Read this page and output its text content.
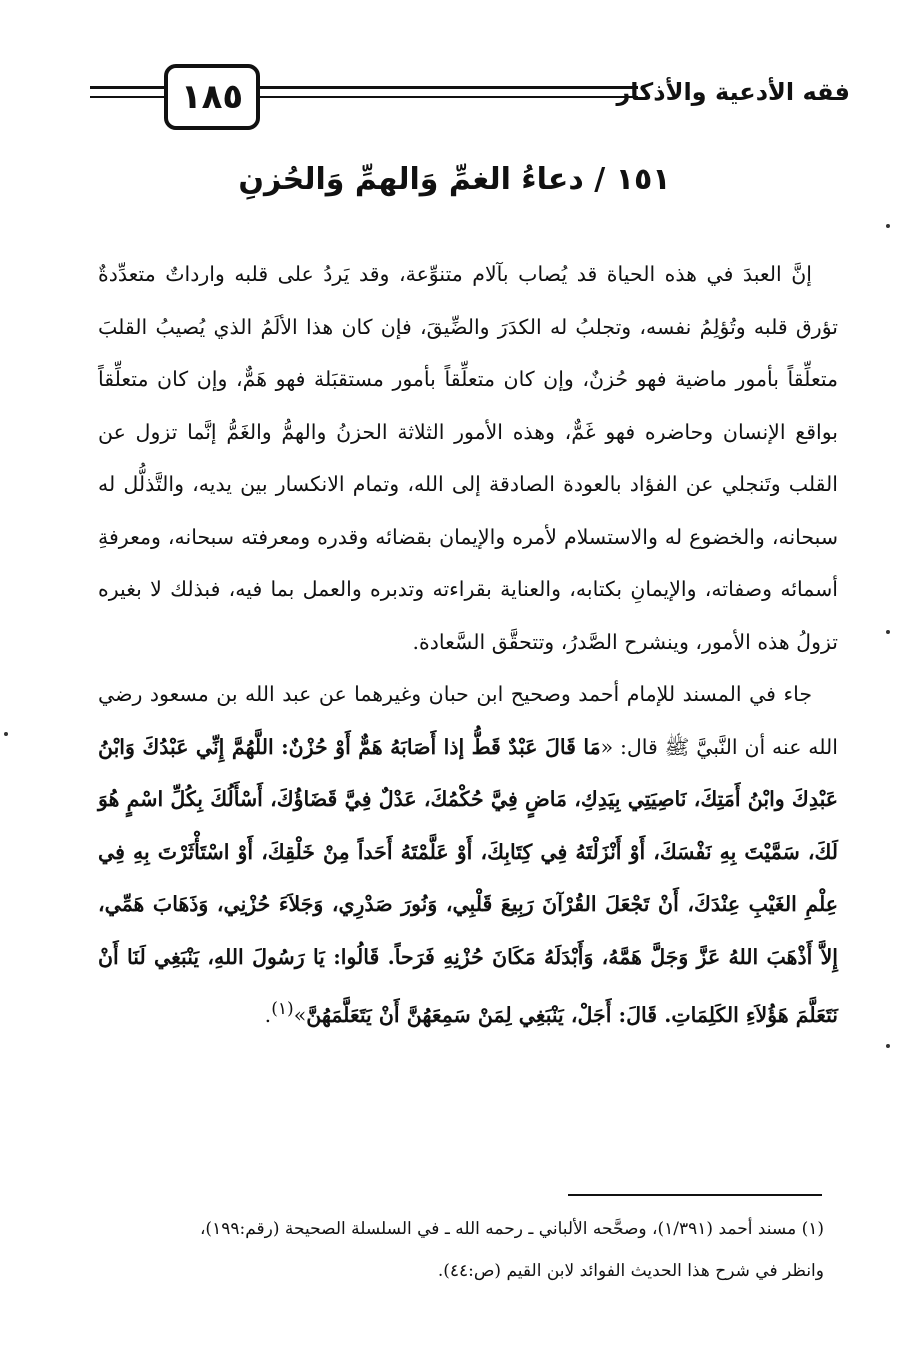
١٨٥	فقه الأدعية والأذكار
١٥١ / دعاءُ الغمِّ وَالهمِّ وَالحُزنِ

إنَّ العبدَ في هذه الحياة قد يُصاب بآلام متنوِّعة، وقد يَردُ على قلبه وارداتٌ متعدِّدةٌ تؤرق قلبه وتُؤلِمُ نفسه، وتجلبُ له الكدَرَ والضِّيقَ، فإن كان هذا الألَمُ الذي يُصيبُ القلبَ متعلِّقاً بأمور ماضية فهو حُزنٌ، وإن كان متعلِّقاً بأمور مستقبَلة فهو هَمٌّ، وإن كان متعلِّقاً بواقع الإنسان وحاضره فهو غَمٌّ، وهذه الأمور الثلاثة الحزنُ والهمُّ والغَمُّ إنَّما تزول عن القلب وتَنجلي عن الفؤاد بالعودة الصادقة إلى الله، وتمام الانكسار بين يديه، والتَّذلُّل له سبحانه، والخضوع له والاستسلام لأمره والإيمان بقضائه وقدره ومعرفته سبحانه، ومعرفةِ أسمائه وصفاته، والإيمانِ بكتابه، والعناية بقراءته وتدبره والعمل بما فيه، فبذلك لا بغيره تزولُ هذه الأمور، وينشرح الصَّدرُ، وتتحقَّق السَّعادة.

جاء في المسند للإمام أحمد وصحيح ابن حبان وغيرهما عن عبد الله بن مسعود رضي الله عنه أن النَّبيَّ ﷺ قال: «مَا قَالَ عَبْدٌ قَطُّ إذا أَصَابَهُ هَمٌّ أَوْ حُزْنٌ: اللَّهُمَّ إِنِّي عَبْدُكَ وَابْنُ عَبْدِكَ وابْنُ أَمَتِكَ، نَاصِيَتِي بِيَدِكِ، مَاضٍ فِيَّ حُكْمُكَ، عَدْلٌ فِيَّ قَضَاؤُكَ، أَسْأَلُكَ بِكُلِّ اسْمٍ هُوَ لَكَ، سَمَّيْتَ بِهِ نَفْسَكَ، أَوْ أَنْزَلْتَهُ فِي كِتَابِكَ، أَوْ عَلَّمْتَهُ أَحَداً مِنْ خَلْقِكَ، أَوْ اسْتَأْثَرْتَ بِهِ فِي عِلْمِ الغَيْبِ عِنْدَكَ، أَنْ تَجْعَلَ القُرْآنَ رَبِيعَ قَلْبِي، وَنُورَ صَدْرِي، وَجَلاَءَ حُزْنِي، وَذَهَابَ هَمِّي، إِلاَّ أَذْهَبَ اللهُ عَزَّ وَجَلَّ هَمَّهُ، وَأَبْدَلَهُ مَكَانَ حُزْنِهِ فَرَحاً. قَالُوا: يَا رَسُولَ اللهِ، يَنْبَغِي لَنَا أَنْ نَتَعَلَّمَ هَؤُلاَءِ الكَلِمَاتِ. قَالَ: أَجَلْ، يَنْبَغِي لِمَنْ سَمِعَهُنَّ أَنْ يَتَعَلَّمَهُنَّ»$^{(١)}$.

(١) مسند أحمد (١/٣٩١)، وصحَّحه الألباني ـ رحمه الله ـ في السلسلة الصحيحة (رقم:١٩٩)،

وانظر في شرح هذا الحديث الفوائد لابن القيم (ص:٤٤).
